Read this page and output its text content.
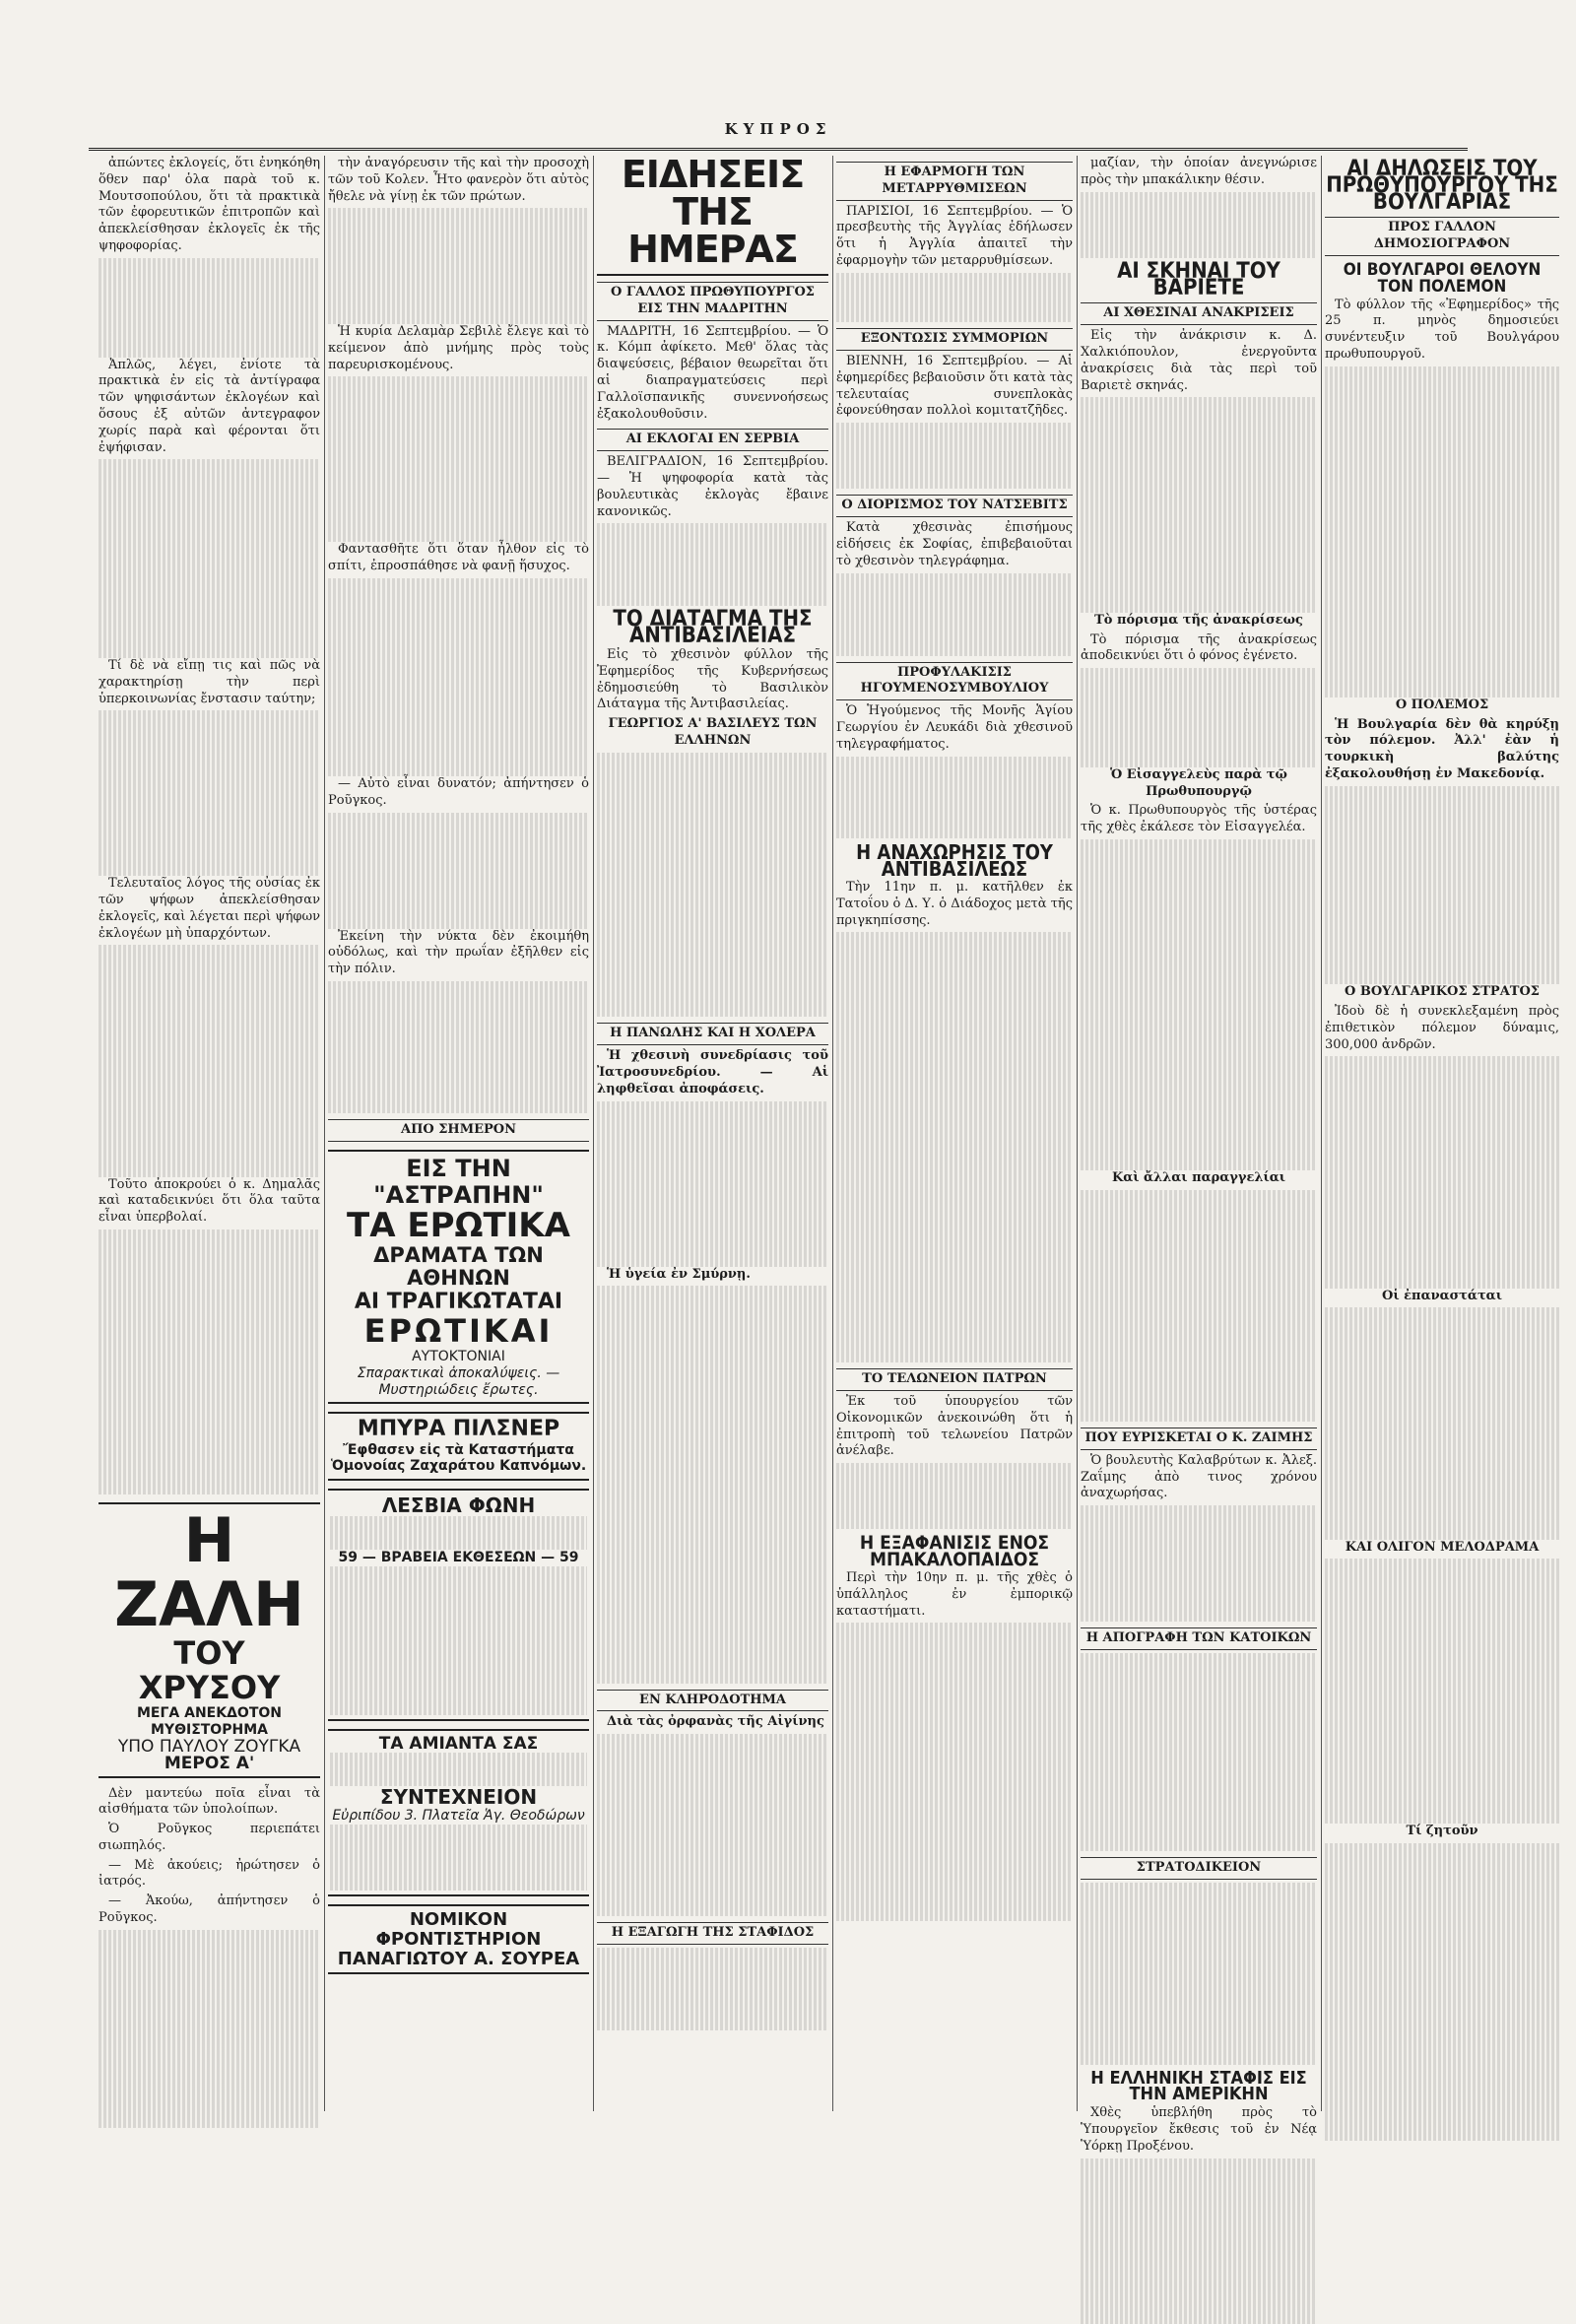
ΚΥΠΡΟΣ

ἀπώντες ἐκλογείς, ὅτι ἐνηκόηθη ὅθεν παρ' ὁλα παρὰ τοῦ κ. Μουτσοπούλου, ὅτι τὰ πρακτικὰ τῶν ἐφορευτικῶν ἐπιτροπῶν καὶ ἀπεκλείσθησαν ἐκλογεῖς ἐκ τῆς ψηφοφορίας.

Ἀπλῶς, λέγει, ἐνίοτε τὰ πρακτικὰ ἐν εἰς τὰ ἀντίγραφα τῶν ψηφισάντων ἐκλογέων καὶ ὅσους ἐξ αὐτῶν ἀντεγραφον χωρίς παρὰ καὶ φέρονται ὅτι ἐψήφισαν.

Τί δὲ νὰ εἴπῃ τις καὶ πῶς νὰ χαρακτηρίσῃ τὴν περὶ ὑπερκοινωνίας ἔνστασιν ταύτην;

Τελευταῖος λόγος τῆς οὐσίας ἐκ τῶν ψήφων ἀπεκλείσθησαν ἐκλογεῖς, καὶ λέγεται περὶ ψήφων ἐκλογέων μὴ ὑπαρχόντων.

Τοῦτο ἀποκρούει ὁ κ. Δημαλᾶς καὶ καταδεικνύει ὅτι ὅλα ταῦτα εἶναι ὑπερβολαί.

Η ΖΑΛΗ
ΤΟΥ ΧΡΥΣΟΥ
ΜΕΓΑ ΑΝΕΚΔΟΤΟΝ ΜΥΘΙΣΤΟΡΗΜΑ
ΥΠΟ ΠΑΥΛΟΥ ΖΟΥΓΚΑ
ΜΕΡΟΣ Α'

Δὲν μαντεύω ποῖα εἶναι τὰ αἰσθήματα τῶν ὑπολοίπων.

Ὁ Ροῦγκος περιεπάτει σιωπηλός.

— Μὲ ἀκούεις; ἠρώτησεν ὁ ἰατρός.

— Ἀκούω, ἀπήντησεν ὁ Ροῦγκος.

τὴν ἀναγόρευσιν τῆς καὶ τὴν προσοχὴ τῶν τοῦ Κολεν. Ἦτο φανερὸν ὅτι αὐτὸς ἤθελε νὰ γίνῃ ἐκ τῶν πρώτων.

Ἡ κυρία Δελαμὰρ Σεβιλὲ ἔλεγε καὶ τὸ κείμενον ἀπὸ μνήμης πρὸς τοὺς παρευρισκομένους.

Φαντασθῆτε ὅτι ὅταν ἦλθον εἰς τὸ σπίτι, ἐπροσπάθησε νὰ φανῇ ἥσυχος.

— Αὐτὸ εἶναι δυνατόν; ἀπήντησεν ὁ Ροῦγκος.

Ἐκείνη τὴν νύκτα δὲν ἐκοιμήθη οὐδόλως, καὶ τὴν πρωΐαν ἐξῆλθεν εἰς τὴν πόλιν.

ΑΠΟ ΣΗΜΕΡΟΝ
ΕΙΣ ΤΗΝ "ΑΣΤΡΑΠΗΝ"
ΤΑ ΕΡΩΤΙΚΑ
ΔΡΑΜΑΤΑ ΤΩΝ ΑΘΗΝΩΝ
ΑΙ ΤΡΑΓΙΚΩΤΑΤΑΙ
ΕΡΩΤΙΚΑΙ
ΑΥΤΟΚΤΟΝΙΑΙ
Σπαρακτικαὶ ἀποκαλύψεις. — Μυστηριώδεις ἔρωτες.
ΜΠΥΡΑ ΠΙΛΣΝΕΡ
Ἔφθασεν εἰς τὰ Καταστήματα Ὁμονοίας Ζαχαράτου Καπνόμων.
ΛΕΣΒΙΑ ΦΩΝΗ
59 — ΒΡΑΒΕΙΑ ΕΚΘΕΣΕΩΝ — 59
ΤΑ ΑΜΙΑΝΤΑ ΣΑΣ
ΣΥΝΤΕΧΝΕΙΟΝ
Εὐριπίδου 3. Πλατεῖα Ἁγ. Θεοδώρων
ΝΟΜΙΚΟΝ ΦΡΟΝΤΙΣΤΗΡΙΟΝ
ΠΑΝΑΓΙΩΤΟΥ Α. ΣΟΥΡΕΑ
ΕΙΔΗΣΕΙΣ ΤΗΣ ΗΜΕΡΑΣ
Ο ΓΑΛΛΟΣ ΠΡΩΘΥΠΟΥΡΓΟΣ ΕΙΣ ΤΗΝ ΜΑΔΡΙΤΗΝ

ΜΑΔΡΙΤΗ, 16 Σεπτεμβρίου. — Ὁ κ. Κόμπ ἀφίκετο. Μεθ' ὅλας τὰς διαψεύσεις, βέβαιον θεωρεῖται ὅτι αἱ διαπραγματεύσεις περὶ Γαλλοϊσπανικῆς συνεννοήσεως ἐξακολουθοῦσιν.

ΑΙ ΕΚΛΟΓΑΙ ΕΝ ΣΕΡΒΙΑ

ΒΕΛΙΓΡΑΔΙΟΝ, 16 Σεπτεμβρίου. — Ἡ ψηφοφορία κατὰ τὰς βουλευτικὰς ἐκλογὰς ἔβαινε κανονικῶς.

ΤΟ ΔΙΑΤΑΓΜΑ ΤΗΣ ΑΝΤΙΒΑΣΙΛΕΙΑΣ

Εἰς τὸ χθεσινὸν φύλλον τῆς Ἐφημερίδος τῆς Κυβερνήσεως ἐδημοσιεύθη τὸ Βασιλικὸν Διάταγμα τῆς Ἀντιβασιλείας.

ΓΕΩΡΓΙΟΣ Α' ΒΑΣΙΛΕΥΣ ΤΩΝ ΕΛΛΗΝΩΝ

Η ΠΑΝΩΛΗΣ ΚΑΙ Η ΧΟΛΕΡΑ

Ἡ χθεσινὴ συνεδρίασις τοῦ Ἰατροσυνεδρίου. — Αἱ ληφθεῖσαι ἀποφάσεις.

Ἡ ὑγεία ἐν Σμύρνῃ.

ΕΝ ΚΛΗΡΟΔΟΤΗΜΑ

Διὰ τὰς ὀρφανὰς τῆς Αἰγίνης

Η ΕΞΑΓΩΓΗ ΤΗΣ ΣΤΑΦΙΔΟΣ
Η ΕΦΑΡΜΟΓΗ ΤΩΝ ΜΕΤΑΡΡΥΘΜΙΣΕΩΝ

ΠΑΡΙΣΙΟΙ, 16 Σεπτεμβρίου. — Ὁ πρεσβευτὴς τῆς Ἀγγλίας ἐδήλωσεν ὅτι ἡ Ἀγγλία ἀπαιτεῖ τὴν ἐφαρμογὴν τῶν μεταρρυθμίσεων.

ΕΞΟΝΤΩΣΙΣ ΣΥΜΜΟΡΙΩΝ

ΒΙΕΝΝΗ, 16 Σεπτεμβρίου. — Αἱ ἐφημερίδες βεβαιοῦσιν ὅτι κατὰ τὰς τελευταίας συνεπλοκὰς ἐφονεύθησαν πολλοὶ κομιτατζῆδες.

Ο ΔΙΟΡΙΣΜΟΣ ΤΟΥ ΝΑΤΣΕΒΙΤΣ

Κατὰ χθεσινὰς ἐπισήμους εἰδήσεις ἐκ Σοφίας, ἐπιβεβαιοῦται τὸ χθεσινὸν τηλεγράφημα.

ΠΡΟΦΥΛΑΚΙΣΙΣ ΗΓΟΥΜΕΝΟΣΥΜΒΟΥΛΙΟΥ

Ὁ Ἡγούμενος τῆς Μονῆς Ἁγίου Γεωργίου ἐν Λευκάδι διὰ χθεσινοῦ τηλεγραφήματος.

Η ΑΝΑΧΩΡΗΣΙΣ ΤΟΥ ΑΝΤΙΒΑΣΙΛΕΩΣ

Τὴν 11ην π. μ. κατῆλθεν ἐκ Τατοΐου ὁ Δ. Υ. ὁ Διάδοχος μετὰ τῆς πριγκηπίσσης.

ΤΟ ΤΕΛΩΝΕΙΟΝ ΠΑΤΡΩΝ

Ἐκ τοῦ ὑπουργείου τῶν Οἰκονομικῶν ἀνεκοινώθη ὅτι ἡ ἐπιτροπὴ τοῦ τελωνείου Πατρῶν ἀνέλαβε.

Η ΕΞΑΦΑΝΙΣΙΣ ΕΝΟΣ ΜΠΑΚΑΛΟΠΑΙΔΟΣ

Περὶ τὴν 10ην π. μ. τῆς χθὲς ὁ ὑπάλληλος ἐν ἐμπορικῷ καταστήματι.

μαζίαν, τὴν ὁποίαν ἀνεγνώρισε πρὸς τὴν μπακάλικην θέσιν.

ΑΙ ΣΚΗΝΑΙ ΤΟΥ ΒΑΡΙΕΤΕ
ΑΙ ΧΘΕΣΙΝΑΙ ΑΝΑΚΡΙΣΕΙΣ

Εἰς τὴν ἀνάκρισιν κ. Δ. Χαλκιόπουλον, ἐνεργοῦντα ἀνακρίσεις διὰ τὰς περὶ τοῦ Βαριετὲ σκηνάς.

Τὸ πόρισμα τῆς ἀνακρίσεως

Τὸ πόρισμα τῆς ἀνακρίσεως ἀποδεικνύει ὅτι ὁ φόνος ἐγένετο.

Ὁ Εἰσαγγελεὺς παρὰ τῷ Πρωθυπουργῷ

Ὁ κ. Πρωθυπουργὸς τῆς ὑστέρας τῆς χθὲς ἐκάλεσε τὸν Εἰσαγγελέα.

Καὶ ἄλλαι παραγγελίαι

ΠΟΥ ΕΥΡΙΣΚΕΤΑΙ Ο Κ. ΖΑΙΜΗΣ

Ὁ βουλευτὴς Καλαβρύτων κ. Ἀλεξ. Ζαΐμης ἀπὸ τινος χρόνου ἀναχωρήσας.

Η ΑΠΟΓΡΑΦΗ ΤΩΝ ΚΑΤΟΙΚΩΝ
ΣΤΡΑΤΟΔΙΚΕΙΟΝ
Η ΕΛΛΗΝΙΚΗ ΣΤΑΦΙΣ ΕΙΣ ΤΗΝ ΑΜΕΡΙΚΗΝ

Χθὲς ὑπεβλήθη πρὸς τὸ Ὑπουργεῖον ἔκθεσις τοῦ ἐν Νέᾳ Ὑόρκῃ Προξένου.

ΑΙ ΔΗΛΩΣΕΙΣ ΤΟΥ ΠΡΩΘΥΠΟΥΡΓΟΥ ΤΗΣ ΒΟΥΛΓΑΡΙΑΣ
ΠΡΟΣ ΓΑΛΛΟΝ ΔΗΜΟΣΙΟΓΡΑΦΟΝ
ΟΙ ΒΟΥΛΓΑΡΟΙ ΘΕΛΟΥΝ ΤΟΝ ΠΟΛΕΜΟΝ

Τὸ φύλλον τῆς «Ἐφημερίδος» τῆς 25 π. μηνὸς δημοσιεύει συνέντευξιν τοῦ Βουλγάρου πρωθυπουργοῦ.

Ο ΠΟΛΕΜΟΣ

Ἡ Βουλγαρία δὲν θὰ κηρύξῃ τὸν πόλεμον. Ἀλλ' ἐὰν ἡ τουρκικὴ βαλύτης ἐξακολουθήσῃ ἐν Μακεδονίᾳ.

Ο ΒΟΥΛΓΑΡΙΚΟΣ ΣΤΡΑΤΟΣ

Ἰδοὺ δὲ ἡ συνεκλεξαμένη πρὸς ἐπιθετικὸν πόλεμον δύναμις, 300,000 ἀνδρῶν.

Οἱ ἐπαναστάται

ΚΑΙ ΟΛΙΓΟΝ ΜΕΛΟΔΡΑΜΑ

Τί ζητοῦν
